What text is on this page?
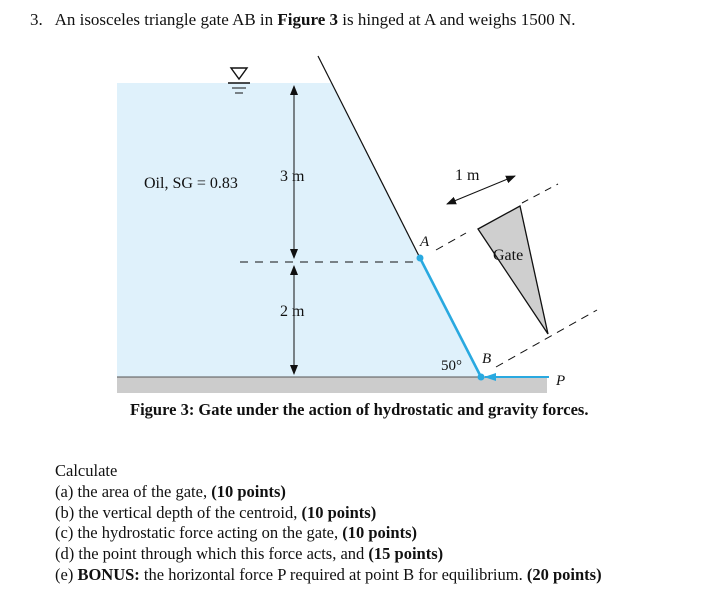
3. An isosceles triangle gate AB in Figure 3 is hinged at A and weighs 1500 N.
Oil, SG = 0.83	3 m
2 m
1 m
Gate
A
B
50°
P
Figure 3: Gate under the action of hydrostatic and gravity forces.
Calculate
(a) the area of the gate, (10 points)
(b) the vertical depth of the centroid, (10 points)
(c) the hydrostatic force acting on the gate, (10 points)
(d) the point through which this force acts, and (15 points)
(e) BONUS: the horizontal force P required at point B for equilibrium. (20 points)
